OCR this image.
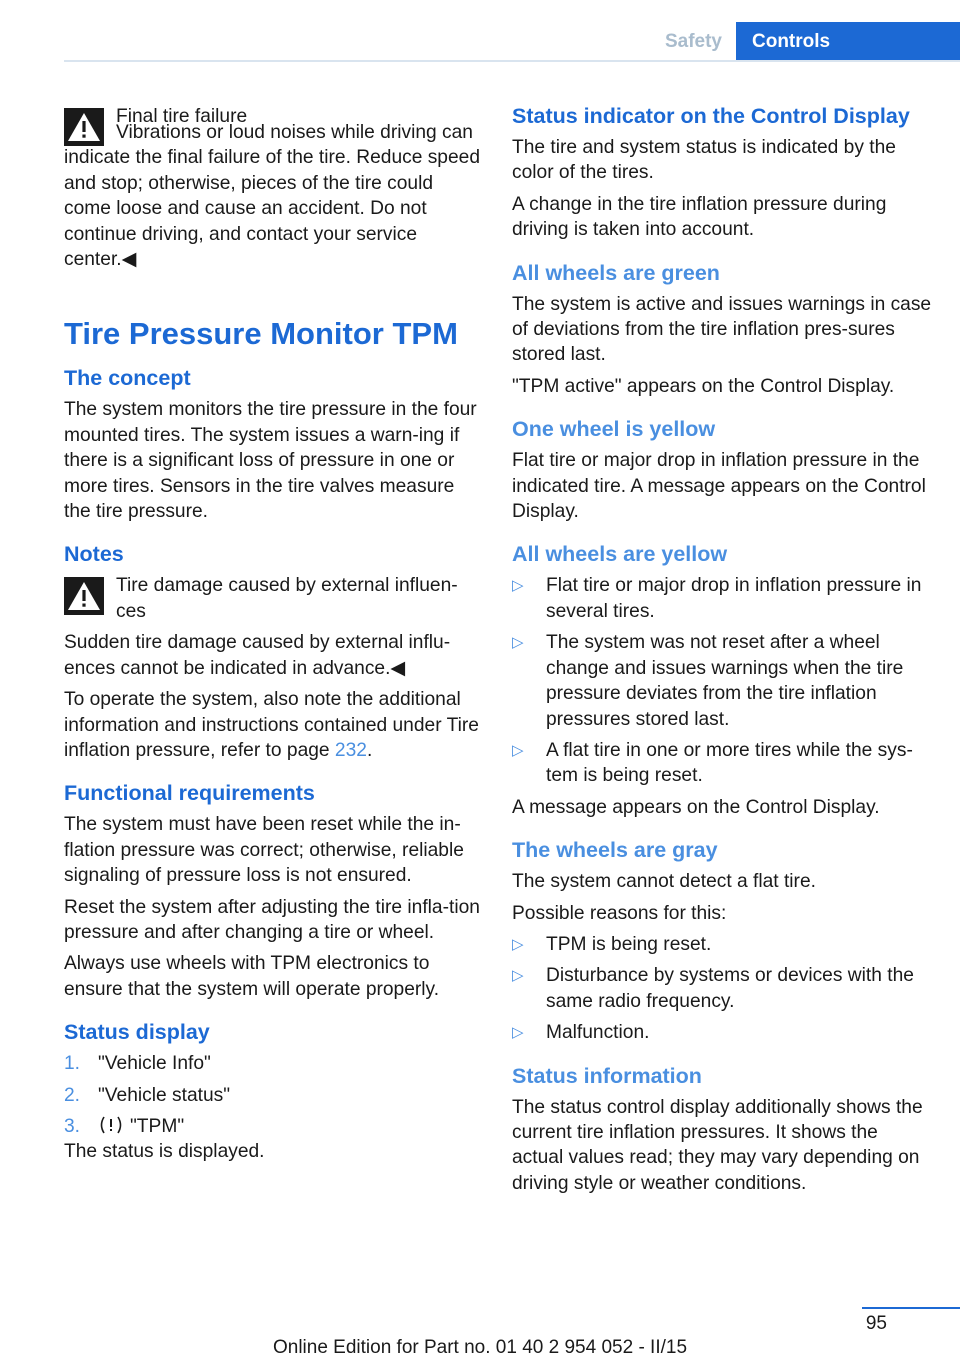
Safety	Controls

Final tire failure

Vibrations or loud noises while driving can indicate the final failure of the tire. Reduce speed and stop; otherwise, pieces of the tire could come loose and cause an accident. Do not continue driving, and contact your service center.◀

Tire Pressure Monitor TPM
The concept

The system monitors the tire pressure in the four mounted tires. The system issues a warn‐ing if there is a significant loss of pressure in one or more tires. Sensors in the tire valves measure the tire pressure.

Notes

Tire damage caused by external influen‐ces

Sudden tire damage caused by external influ‐ences cannot be indicated in advance.◀

To operate the system, also note the additional information and instructions contained under Tire inflation pressure, refer to page 232.

Functional requirements

The system must have been reset while the in‐flation pressure was correct; otherwise, reliable signaling of pressure loss is not ensured.

Reset the system after adjusting the tire infla‐tion pressure and after changing a tire or wheel.

Always use wheels with TPM electronics to ensure that the system will operate properly.

Status display
1. "Vehicle Info"
2. "Vehicle status"
3.	"TPM"

The status is displayed.

Status indicator on the Control Display

The tire and system status is indicated by the color of the tires.

A change in the tire inflation pressure during driving is taken into account.

All wheels are green

The system is active and issues warnings in case of deviations from the tire inflation pres‐sures stored last.

"TPM active" appears on the Control Display.

One wheel is yellow

Flat tire or major drop in inflation pressure in the indicated tire. A message appears on the Control Display.

All wheels are yellow
▷ Flat tire or major drop in inflation pressure in several tires.
▷ The system was not reset after a wheel change and issues warnings when the tire pressure deviates from the tire inflation pressures stored last.
▷ A flat tire in one or more tires while the sys‐tem is being reset.

A message appears on the Control Display.

The wheels are gray

The system cannot detect a flat tire.

Possible reasons for this:

▷ TPM is being reset.
▷ Disturbance by systems or devices with the same radio frequency.
▷ Malfunction.
Status information

The status control display additionally shows the current tire inflation pressures. It shows the actual values read; they may vary depending on driving style or weather conditions.

95
Online Edition for Part no. 01 40 2 954 052 - II/15
